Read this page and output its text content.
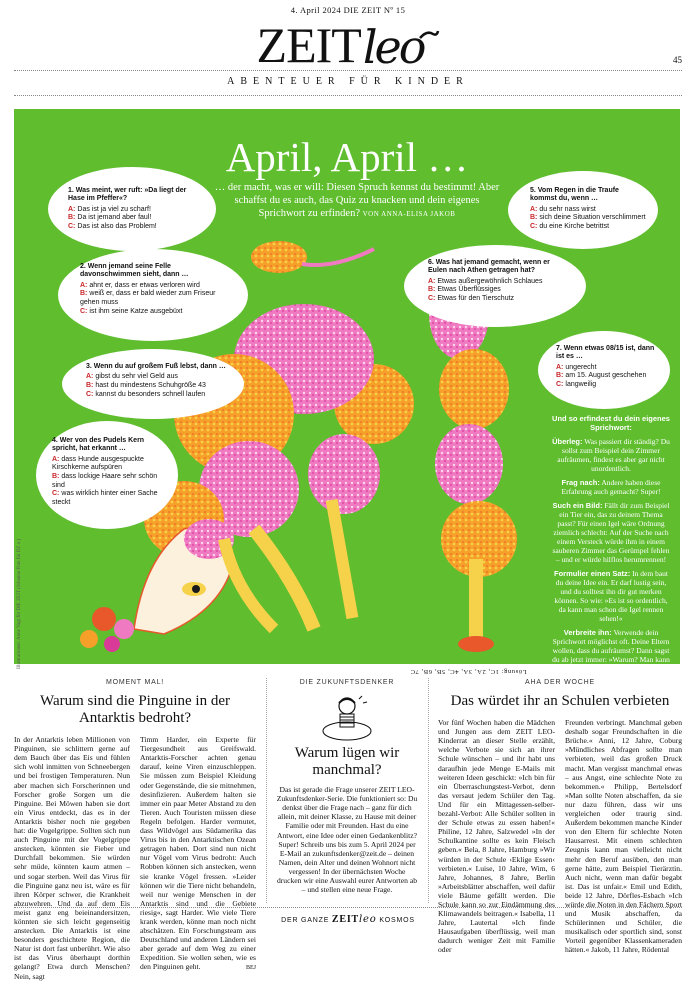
4. April 2024 DIE ZEIT Nº 15
ZEIT leo	45
ABENTEUER FÜR KINDER
April, April …
… der macht, was er will: Diesen Spruch kennst du bestimmt! Aber schaffst du es auch, das Quiz zu knacken und dein eigenes Sprichwort zu erfinden? VON ANNA-ELISA JAKOB
1. Was meint, wer ruft: »Da liegt der Hase im Pfeffer«?
A: Das ist ja viel zu scharf!
B: Da ist jemand aber faul!
C: Das ist also das Problem!
2. Wenn jemand seine Felle davonschwimmen sieht, dann …
A: ahnt er, dass er etwas verloren wird
B: weiß er, dass er bald wieder zum Friseur gehen muss
C: ist ihm seine Katze ausgebüxt
3. Wenn du auf großem Fuß lebst, dann …
A: gibst du sehr viel Geld aus
B: hast du mindestens Schuhgröße 43
C: kannst du besonders schnell laufen
4. Wer von des Pudels Kern spricht, hat erkannt …
A: dass Hunde ausgespuckte Kirschkerne aufspüren
B: dass lockige Haare sehr schön sind
C: was wirklich hinter einer Sache steckt
5. Vom Regen in die Traufe kommst du, wenn …
A: du sehr nass wirst
B: sich deine Situation verschlimmert
C: du eine Kirche betrittst
6. Was hat jemand gemacht, wenn er Eulen nach Athen getragen hat?
A: Etwas außergewöhnlich Schlaues
B: Etwas Überflüssiges
C: Etwas für den Tierschutz
7. Wenn etwas 08/15 ist, dann ist es …
A: ungerecht
B: am 15. August geschehen
C: langweilig
Und so erfindest du dein eigenes Sprichwort:
Überleg: Was passiert dir ständig? Du sollst zum Beispiel dein Zimmer aufräumen, findest es aber gar nicht unordentlich.
Frag nach: Andere haben diese Erfahrung auch gemacht? Super!
Such ein Bild: Fällt dir zum Beispiel ein Tier ein, das zu deinem Thema passt? Für einen Igel wäre Ordnung ziemlich schlecht: Auf der Suche nach einem Versteck würde ihm in einem sauberen Zimmer das Gerümpel fehlen – und er würde hilflos herumrennen!
Formulier einen Satz: In dem baut du deine Idee ein. Er darf lustig sein, und du solltest ihn dir gut merken können. So wie: »Es ist so ordentlich, da kann man schon die Igel rennen sehen!«
Verbreite ihn: Verwende dein Sprichwort möglichst oft. Deine Eltern wollen, dass du aufräumst? Dann sagst du ab jetzt immer: »Warum? Man kann doch schon die Igel rennen sehen!«
Illustrationen: Anne Vagt für DIE ZEIT (Johanna Finn für DZ o.)
Lösung: 1C, 2A, 3A, 4C, 5B, 6B, 7C
MOMENT MAL!
Warum sind die Pinguine in der Antarktis bedroht?

In der Antarktis leben Millionen von Pinguinen, sie schlittern gerne auf dem Bauch über das Eis und fühlen sich wohl inmitten von Schneebergen und bei frostigen Temperaturen. Nun aber machen sich Forscherinnen und Forscher große Sorgen um die Pinguine. Bei Möwen haben sie dort ein Virus entdeckt, das es in der Antarktis bisher noch nie gegeben hat: die Vogelgrippe. Sollten sich nun auch Pinguine mit der Vogelgrippe anstecken, könnten sie Fieber und Durchfall bekommen. Sie würden sehr müde, könnten kaum atmen – und sogar sterben. Weil das Virus für die Pinguine ganz neu ist, wäre es für ihren Körper schwer, die Krankheit abzuwehren. Und da auf dem Eis meist ganz eng beieinandersitzen, könnten sie sich leicht gegenseitig anstecken. Die Antarktis ist eine besonders geschichtete Region, die Natur ist dort fast unberührt. Wie also ist das Virus überhaupt dorthin gelangt? Etwa durch Menschen? Nein, sagt

Timm Harder, ein Experte für Tiergesundheit aus Greifswald. Antarktis-Forscher achten genau darauf, keine Viren einzuschleppen. Sie müssen zum Beispiel Kleidung oder Gegenstände, die sie mitnehmen, desinfizieren. Außerdem halten sie immer ein paar Meter Abstand zu den Tieren. Auch Touristen müssen diese Regeln befolgen. Harder vermutet, dass Wildvögel aus Südamerika das Virus bis in den Antarktischen Ozean getragen haben. Dort sind nun nicht nur Vögel vom Virus bedroht: Auch Robben können sich anstecken, wenn sie kranke Vögel fressen. »Leider können wir die Tiere nicht behandeln, weil nur wenige Menschen in der Antarktis sind und die Gebiete riesig«, sagt Harder. Wie viele Tiere krank werden, könne man noch nicht abschätzen. Ein Forschungsteam aus Deutschland und anderen Ländern sei aber gerade auf dem Weg zu einer Expedition. Sie wollen sehen, wie es den Pinguinen geht.	BEJ

DIE ZUKUNFTSDENKER
Warum lügen wir manchmal?

Das ist gerade die Frage unserer ZEIT LEO-Zukunftsdenker-Serie. Die funktioniert so: Du denkst über die Frage nach – ganz für dich allein, mit deiner Klasse, zu Hause mit deiner Familie oder mit Freunden. Hast du eine Antwort, eine Idee oder einen Gedankenblitz? Super! Schreib uns bis zum 5. April 2024 per E-Mail an zukunftsdenker@zeit.de – deinen Namen, dein Alter und deinen Wohnort nicht vergessen! In der übernächsten Woche drucken wir eine Auswahl eurer Antworten ab – und stellen eine neue Frage.

AHA DER WOCHE
Das würdet ihr an Schulen verbieten

Vor fünf Wochen haben die Mädchen und Jungen aus dem ZEIT LEO-Kinderrat an dieser Stelle erzählt, welche Verbote sie sich an ihrer Schule wünschen – und ihr habt uns daraufhin jede Menge E-Mails mit weiteren Ideen geschickt: »Ich bin für ein Überraschungstest-Verbot, denn das versaut jedem Schüler den Tag. Und für ein Mittagessen-selber-bezahl-Verbot: Alle Schüler sollten in der Schule etwas zu essen haben!« Philine, 12 Jahre, Salzwedel »In der Schulkantine sollte es kein Fleisch geben.« Bela, 8 Jahre, Hamburg »Wir würden in der Schule ›Eklige Essen‹ verbieten.« Luise, 10 Jahre, Wim, 6 Jahre, Johannes, 8 Jahre, Berlin »Arbeitsblätter abschaffen, weil dafür viele Bäume gefällt werden. Die Schule kann so zur Eindämmung des Klimawandels beitragen.« Isabella, 11 Jahre, Lautertal »Ich finde Hausaufgaben überflüssig, weil man dadurch weniger Zeit mit Familie oder

Freunden verbringt. Manchmal geben deshalb sogar Freundschaften in die Brüche.« Anni, 12 Jahre, Coburg »Mündliches Abfragen sollte man verbieten, weil das großen Druck macht. Man vergisst manchmal etwas – aus Angst, eine schlechte Note zu bekommen.« Philipp, Bertelsdorf »Man sollte Noten abschaffen, da sie nur dazu führen, dass wir uns vergleichen oder traurig sind. Außerdem bekommen manche Kinder von den Eltern für schlechte Noten Hausarrest. Mit einem schlechten Zeugnis kann man vielleicht nicht mehr den Beruf ausüben, den man gerne hätte, zum Beispiel Tierärztin. Auch nicht, wenn man dafür begabt ist. Das ist unfair.« Emil und Edith, beide 12 Jahre, Dörfles-Esbach »Ich würde die Noten in den Fächern Sport und Musik abschaffen, da Schülerinnen und Schüler, die musikalisch oder sportlich sind, sonst Vorteil gegenüber Klassenkameraden hätten.« Jakob, 11 Jahre, Rödental

DER GANZE ZEITleo KOSMOS
